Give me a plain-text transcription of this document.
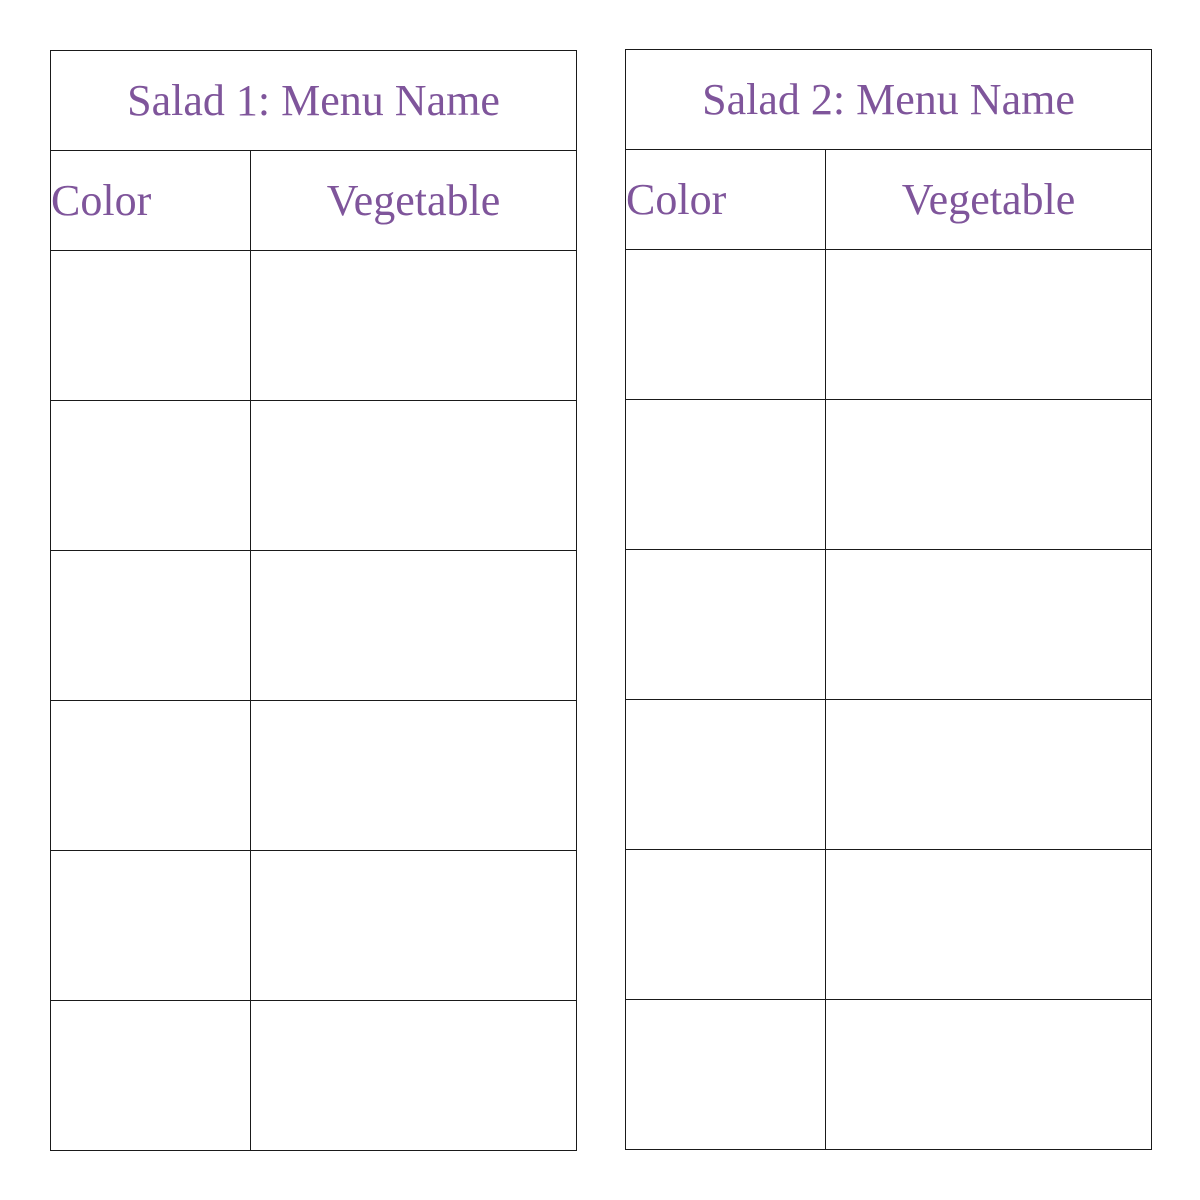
Salad 1: Menu Name	
Color	Vegetable

Salad 2: Menu Name	
Color	Vegetable
